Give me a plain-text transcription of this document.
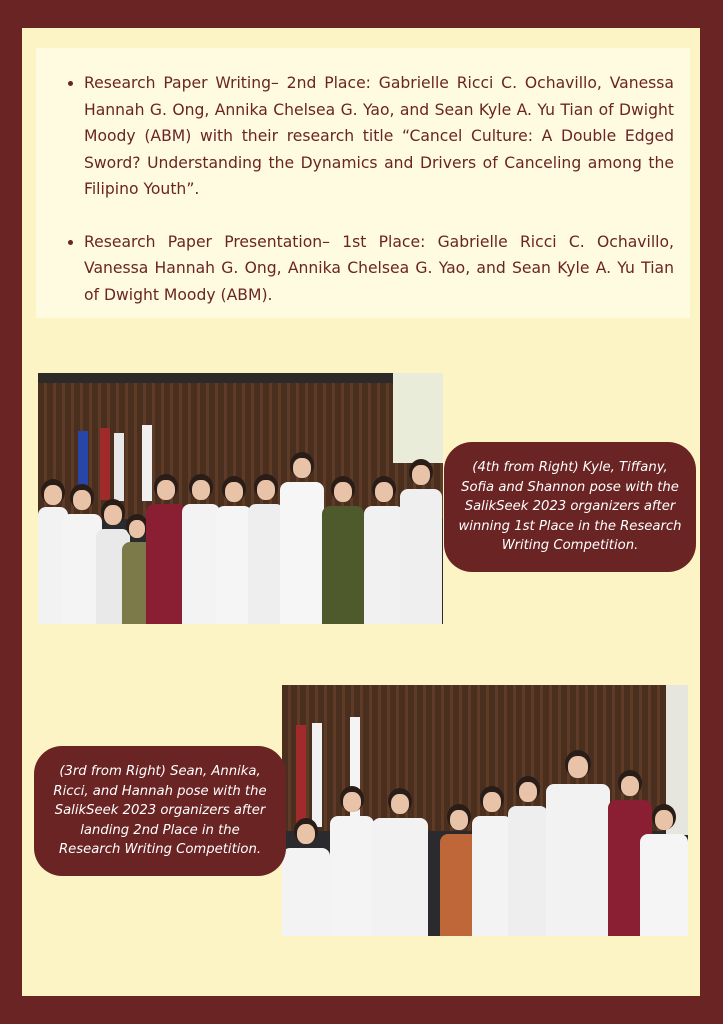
• Research Paper Writing– 2nd Place: Gabrielle Ricci C. Ochavillo, Vanessa Hannah G. Ong, Annika Chelsea G. Yao, and Sean Kyle A. Yu Tian of Dwight Moody (ABM) with their research title “Cancel Culture: A Double Edged Sword? Understanding the Dynamics and Drivers of Canceling among the Filipino Youth”.
• Research Paper Presentation– 1st Place: Gabrielle Ricci C. Ochavillo, Vanessa Hannah G. Ong, Annika Chelsea G. Yao, and Sean Kyle A. Yu Tian of Dwight Moody (ABM).
(4th from Right) Kyle, Tiffany, Sofia and Shannon pose with the SalikSeek 2023 organizers after winning 1st Place in the Research Writing Competition.
(3rd from Right) Sean, Annika, Ricci, and Hannah pose with the SalikSeek 2023 organizers after landing 2nd Place in the Research Writing Competition.
